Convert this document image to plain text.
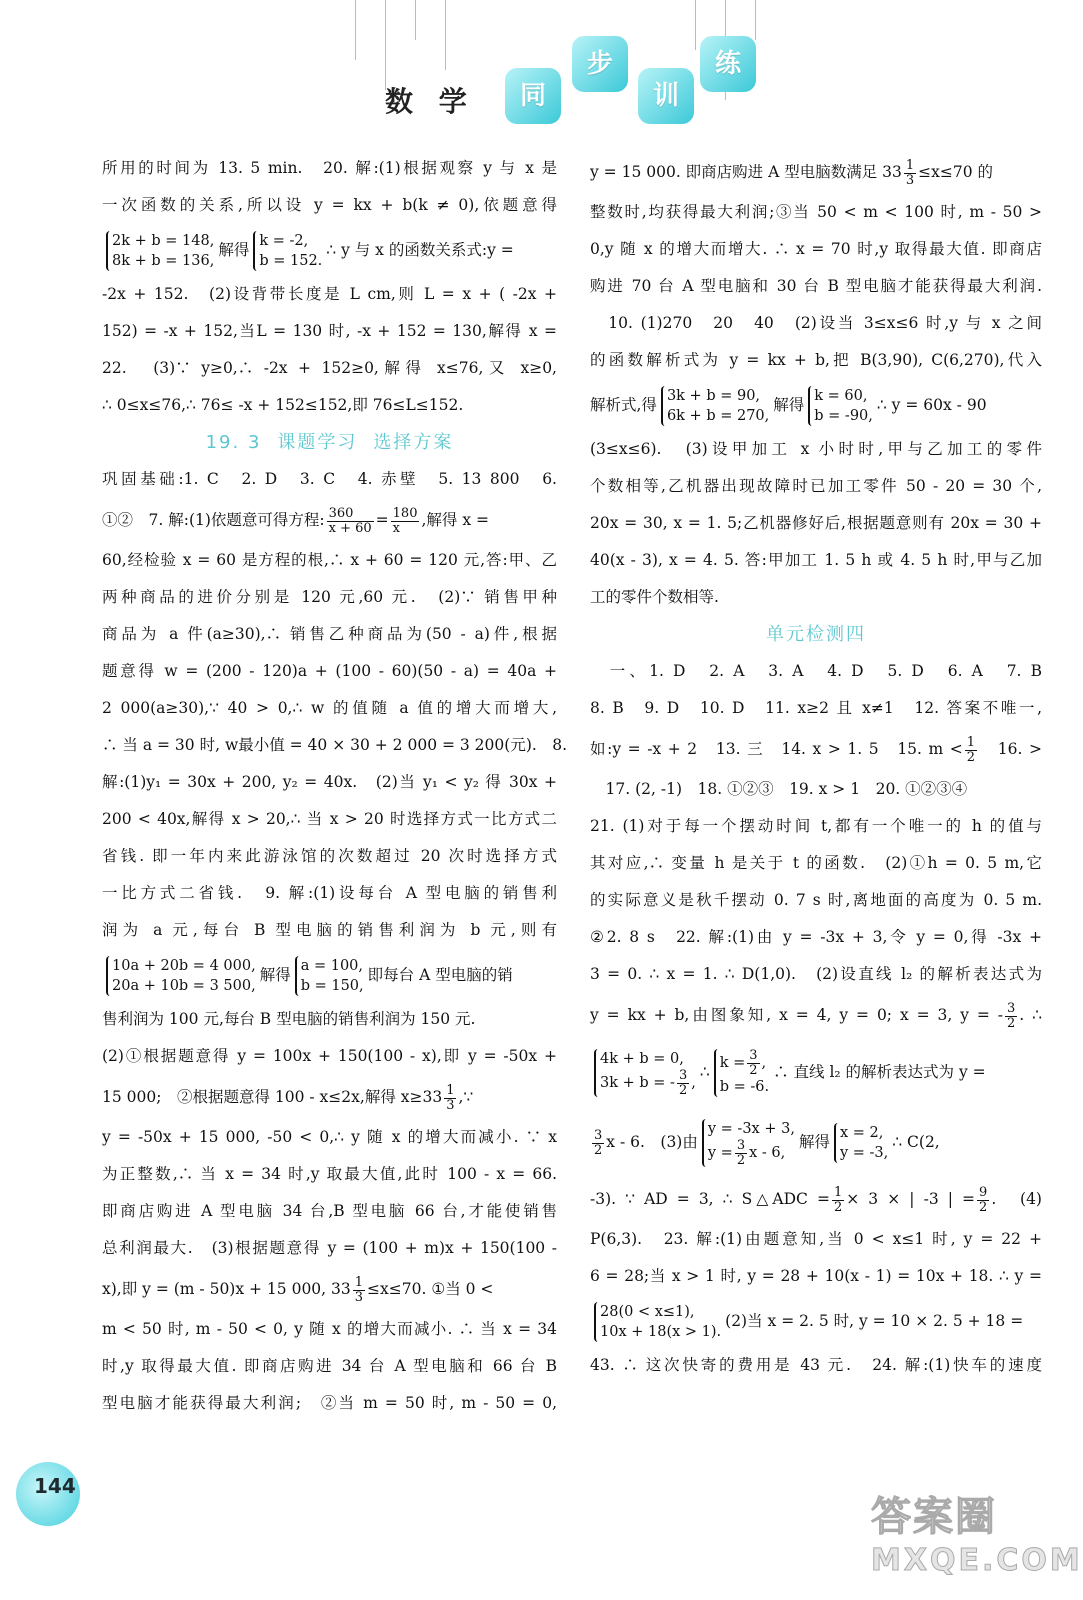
数 学	同
步
训
练

所用的时间为 13. 5 min.　20. 解:(1)根据观察 y 与 x 是

一次函数的关系,所以设 y = kx + b(k ≠ 0),依题意得

2k + b = 148,
8k + b = 136,
解得 k = -2,
b = 152.
∴ y 与 x 的函数关系式:y =

-2x + 152.　(2)设背带长度是 L cm,则 L = x + ( -2x +

152) = -x + 152,当L = 130 时, -x + 152 = 130,解得 x =

22.　(3)∵ y≥0,∴ -2x + 152≥0,解得 x≤76,又 x≥0,

∴ 0≤x≤76,∴ 76≤ -x + 152≤152,即 76≤L≤152.

19. 3 课题学习 选择方案

巩固基础:1. C　2. D　3. C　4. 赤壁　5. 13 800　6.

①②　7. 解:(1)依题意可得方程: $\frac{360}{x + 60} = \frac{180}{x}$ ,解得 x =

60,经检验 x = 60 是方程的根,∴ x + 60 = 120 元,答:甲、乙

两种商品的进价分别是 120 元,60 元.　(2)∵ 销售甲种

商品为 a 件(a≥30),∴ 销售乙种商品为(50 - a)件,根据

题意得 w = (200 - 120)a + (100 - 60)(50 - a) = 40a +

2 000(a≥30),∵ 40 > 0,∴ w 的值随 a 值的增大而增大,

∴ 当 a = 30 时, w最小值 = 40 × 30 + 2 000 = 3 200(元).　8.

解:(1)y₁ = 30x + 200, y₂ = 40x.　(2)当 y₁ < y₂ 得 30x +

200 < 40x,解得 x > 20,∴ 当 x > 20 时选择方式一比方式二

省钱. 即一年内来此游泳馆的次数超过 20 次时选择方式

一比方式二省钱.　9. 解:(1)设每台 A 型电脑的销售利

润为 a 元,每台 B 型电脑的销售利润为 b 元,则有

10a + 20b = 4 000,
20a + 10b = 3 500,
解得 a = 100,
b = 150,
即每台 A 型电脑的销

售利润为 100 元,每台 B 型电脑的销售利润为 150 元.

(2)①根据题意得 y = 100x + 150(100 - x),即 y = -50x +

15 000;　②根据题意得 100 - x≤2x,解得 $x\ge 33 \frac{1}{3}$ ,∵

y = -50x + 15 000, -50 < 0,∴ y 随 x 的增大而减小. ∵ x

为正整数,∴ 当 x = 34 时,y 取最大值,此时 100 - x = 66.

即商店购进 A 型电脑 34 台,B 型电脑 66 台,才能使销售

总利润最大.　(3)根据题意得 y = (100 + m)x + 150(100 -

x),即 y = (m - 50)x + 15 000, $33 \frac{1}{3} \le x\le 70$. ①当 0 <

m < 50 时, m - 50 < 0, y 随 x 的增大而减小. ∴ 当 x = 34

时,y 取得最大值. 即商店购进 34 台 A 型电脑和 66 台 B

型电脑才能获得最大利润;　②当 m = 50 时, m - 50 = 0,

y = 15 000. 即商店购进 A 型电脑数满足 $33 \frac{1}{3} \le x\le 70$ 的

整数时,均获得最大利润;③当 50 < m < 100 时, m - 50 >

0,y 随 x 的增大而增大. ∴ x = 70 时,y 取得最大值. 即商店

购进 70 台 A 型电脑和 30 台 B 型电脑才能获得最大利润.

　10. (1)270　20　40　(2)设当 3≤x≤6 时,y 与 x 之间

的函数解析式为 y = kx + b,把 B(3,90), C(6,270),代入

解析式,得 3k + b = 90,
6k + b = 270,
解得 k = 60,
b = -90,
∴ y = 60x - 90

(3≤x≤6).　(3)设甲加工 x 小时时,甲与乙加工的零件

个数相等,乙机器出现故障时已加工零件 50 - 20 = 30 个,

20x = 30, x = 1. 5;乙机器修好后,根据题意则有 20x = 30 +

40(x - 3), x = 4. 5. 答:甲加工 1. 5 h 或 4. 5 h 时,甲与乙加

工的零件个数相等.

单元检测四

　一、1. D　2. A　3. A　4. D　5. D　6. A　7. B

8. B　9. D　10. D　11. x≥2 且 x≠1　12. 答案不唯一,

如:y = -x + 2　13. 三　14. x > 1. 5　15. $m < \frac{1}{2}$ 　16. >

　17. (2, -1)　18. ①②③　19. x > 1　20. ①②③④

21. (1)对于每一个摆动时间 t,都有一个唯一的 h 的值与

其对应,∴ 变量 h 是关于 t 的函数.　(2)①h = 0. 5 m,它

的实际意义是秋千摆动 0. 7 s 时,离地面的高度为 0. 5 m.

②2. 8 s　22. 解:(1)由 y = -3x + 3,令 y = 0,得 -3x +

3 = 0. ∴ x = 1. ∴ D(1,0).　(2)设直线 l₂ 的解析表达式为

y = kx + b,由图象知, x = 4, y = 0; x = 3, y = - $\frac{3}{2}$ . ∴

4k + b = 0,
3k + b = - $\frac{3}{2}$ ,
∴ $k = \frac{3}{2}$ ,
b = -6.
∴ 直线 l₂ 的解析表达式为 y =

$\frac{3}{2}$ x - 6.　(3)由
y = -3x + 3,
$y = \frac{3}{2}$ x - 6,
解得 x = 2,
y = -3,
∴ C(2,

-3). ∵ AD = 3, ∴ S△ADC = $\frac{1}{2} \times 3$ × | -3 | = $\frac{9}{2}$ .　(4)

P(6,3).　23. 解:(1)由题意知,当 0 < x≤1 时, y = 22 +

6 = 28;当 x > 1 时, y = 28 + 10(x - 1) = 10x + 18. ∴ y =

28(0 < x≤1),
10x + 18(x > 1).
(2)当 x = 2. 5 时, y = 10 × 2. 5 + 18 =

43. ∴ 这次快寄的费用是 43 元.　24. 解:(1)快车的速度

144
答案圈
MXQE.COM
